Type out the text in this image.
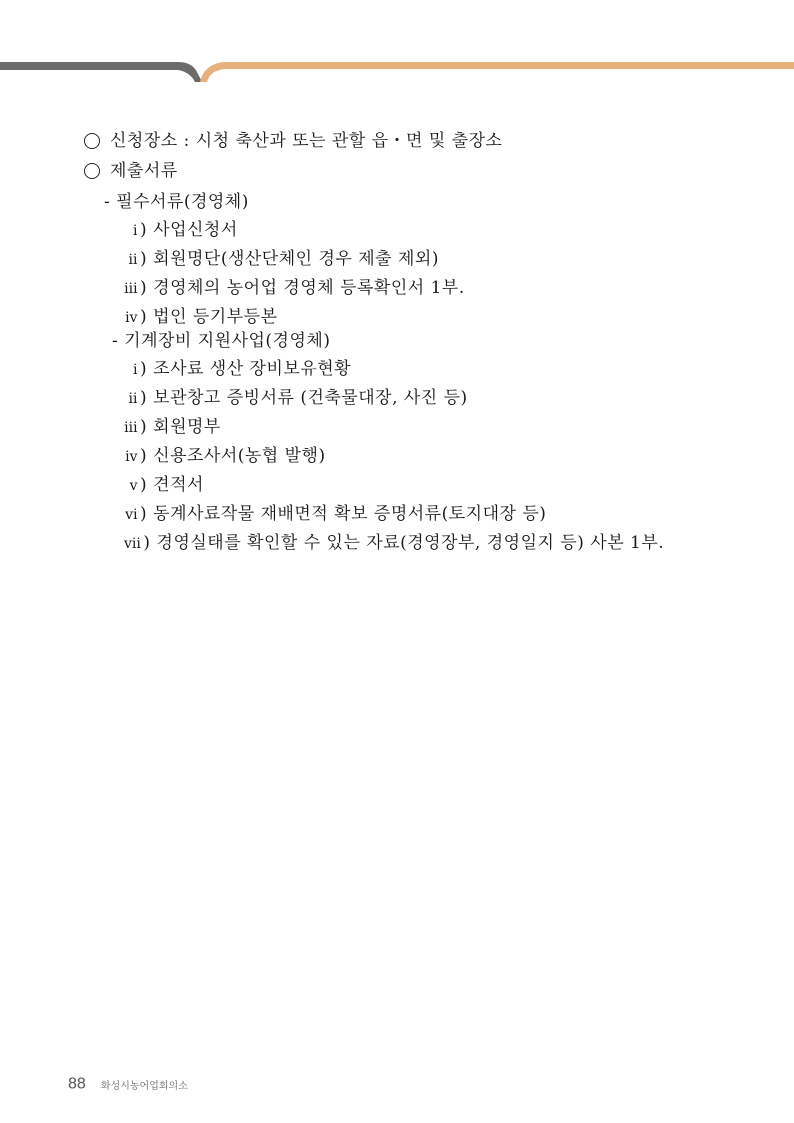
신청장소 : 시청 축산과 또는 관할 읍・면 및 출장소
제출서류
- 필수서류(경영체)
ⅰ ) 사업신청서
ⅱ ) 회원명단(생산단체인 경우 제출 제외)
ⅲ ) 경영체의 농어업 경영체 등록확인서 1부.
ⅳ ) 법인 등기부등본
- 기계장비 지원사업(경영체)
ⅰ ) 조사료 생산 장비보유현황
ⅱ ) 보관창고 증빙서류 (건축물대장, 사진 등)
ⅲ ) 회원명부
ⅳ ) 신용조사서(농협 발행)
ⅴ ) 견적서
ⅵ ) 동계사료작물 재배면적 확보 증명서류(토지대장 등)
ⅶ ) 경영실태를 확인할 수 있는 자료(경영장부, 경영일지 등) 사본 1부.
88 화성시농어업회의소
